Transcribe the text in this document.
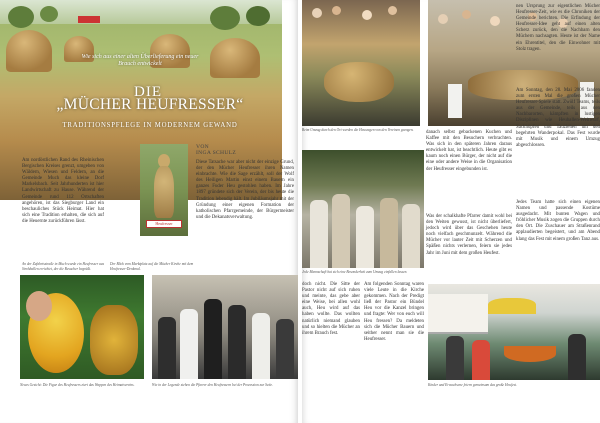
Wie sich aus einer alten Überlieferung ein neuer Brauch entwickelt
DIE
„MÜCHER HEUFRESSER“
TRADITIONSPFLEGE IN MODERNEM GEWAND
VON
INGA SCHULZ
Am nordöstlichen Rand des Rheinischen Bergischen Kreises grenzt, umgeben von Wäldern, Wiesen und Feldern, an die Gemeinde Much das kleine Dorf Markelsbach. Seit Jahrhunderten ist hier Landwirtschaft zu Hause. Während der Gemeinde rund 112 Ortschaften angehören, ist das Siegburger Land ein beschauliches Stück Heimat. Hier hat sich eine Tradition erhalten, die sich auf die Heuernte zurückführen lässt.	Heufresser
Diese Tatsache war aber nicht der einzige Grund, der den Mücher Heufresser ihren Namen einbrachte. Wie die Sage erzählt, soll der Wolf des Heiligen Martin einst einem Bauern ein ganzes Fuder Heu gestohlen haben. Im Jahre 1897 gründete sich der Verein, der bis heute die Tradition lebendig hält. Im Jubiläumsjahr mit der Gründung einer eigenen Formation der katholischen Pfarrgemeinde, der Bürgermeister und die Dekanatsverwaltung.
An der Zufahrtsstraße in Much wurde ein Heufresser aus Strohballen errichtet, der die Besucher begrüßt.
Der Blick vom Marktplatz auf die Mücher Kirche mit dem Heufresser-Denkmal.
Neues Gesicht: Die Figur des Heufressers ziert das Wappen des Heimatvereins.	Wie in der Legende stehen die Pfarrer den Heufressern bei der Prozession zur Seite.
Beim Umzug durch den Ort werden die Heuwagen von den Vereinen gezogen.	danach selbst gebackenen Kuchen und Kaffee mit den Besuchern verbrachten. Was sich in den späteren Jahren daraus entwickelt hat, ist beachtlich. Heute gibt es kaum noch einen Bürger, der nicht auf die eine oder andere Weise in die Organisation der Heufresser eingebunden ist.
Was der schalkhafte Pfarrer damit wohl bei den Weiten gewusst, ist nicht überliefert, jedoch wird über das Geschehen heute noch vielfach geschmunzelt. Während die Mücher vor lauter Zeit mit Scherzen und Späßen nichts verlernen, feiern sie jedes Jahr im Juni mit dem großen Heufest.
Jede Mannschaft hat sich eine Besonderheit zum Umzug einfallen lassen.
doch nicht. Die Sitte der Pastor nicht auf sich ruhen und meinte, das gebe aber eine Weise, bei allen wohl auch, Heu wird auf das haben wollte. Das wollten natürlich niemand glauben und so hielten die Mücher an ihrem Brauch fest.
Am folgenden Sonntag waren viele Leute in die Kirche gekommen. Nach der Predigt ließ der Pastor ein Bündel Heu vor die Kanzel bringen und fragte: Wer von euch will Heu fressen? Da meldeten sich die Mücher Bauern und seither nennt man sie die Heufresser.
nen Ursprung zur eigentlichen Mücher Heufresser-Zeit, wie es die Chroniken der Gemeinde berichten. Die Erfindung der Heufresser-Idee geht auf einen alten Scherz zurück, den die Nachbarn den Müchern nachsagten. Heute ist der Name ein Ehrentitel, den die Einwohner mit Stolz tragen.
Am Sonntag, den 28. Mai 2006 fanden zum ersten Mal die großen Mücher Heufresser-Spiele statt. Zwölf Teams, teils aus der Gemeinde, teils aus den Nachbarorten, kämpften in lustigen Disziplinen wie Heuballen-Weitwurf, Sackhüpfen und Tauziehen um den begehrten Wanderpokal. Das Fest wurde mit Musik und einem Umzug abgeschlossen.
Jedes Team hatte sich einen eigenen Namen und passende Kostüme ausgedacht. Mit bunten Wagen und fröhlicher Musik zogen die Gruppen durch den Ort. Die Zuschauer am Straßenrand applaudierten begeistert, und am Abend klang das Fest mit einem großen Tanz aus.
Kinder und Erwachsene feiern gemeinsam das große Heufest.
